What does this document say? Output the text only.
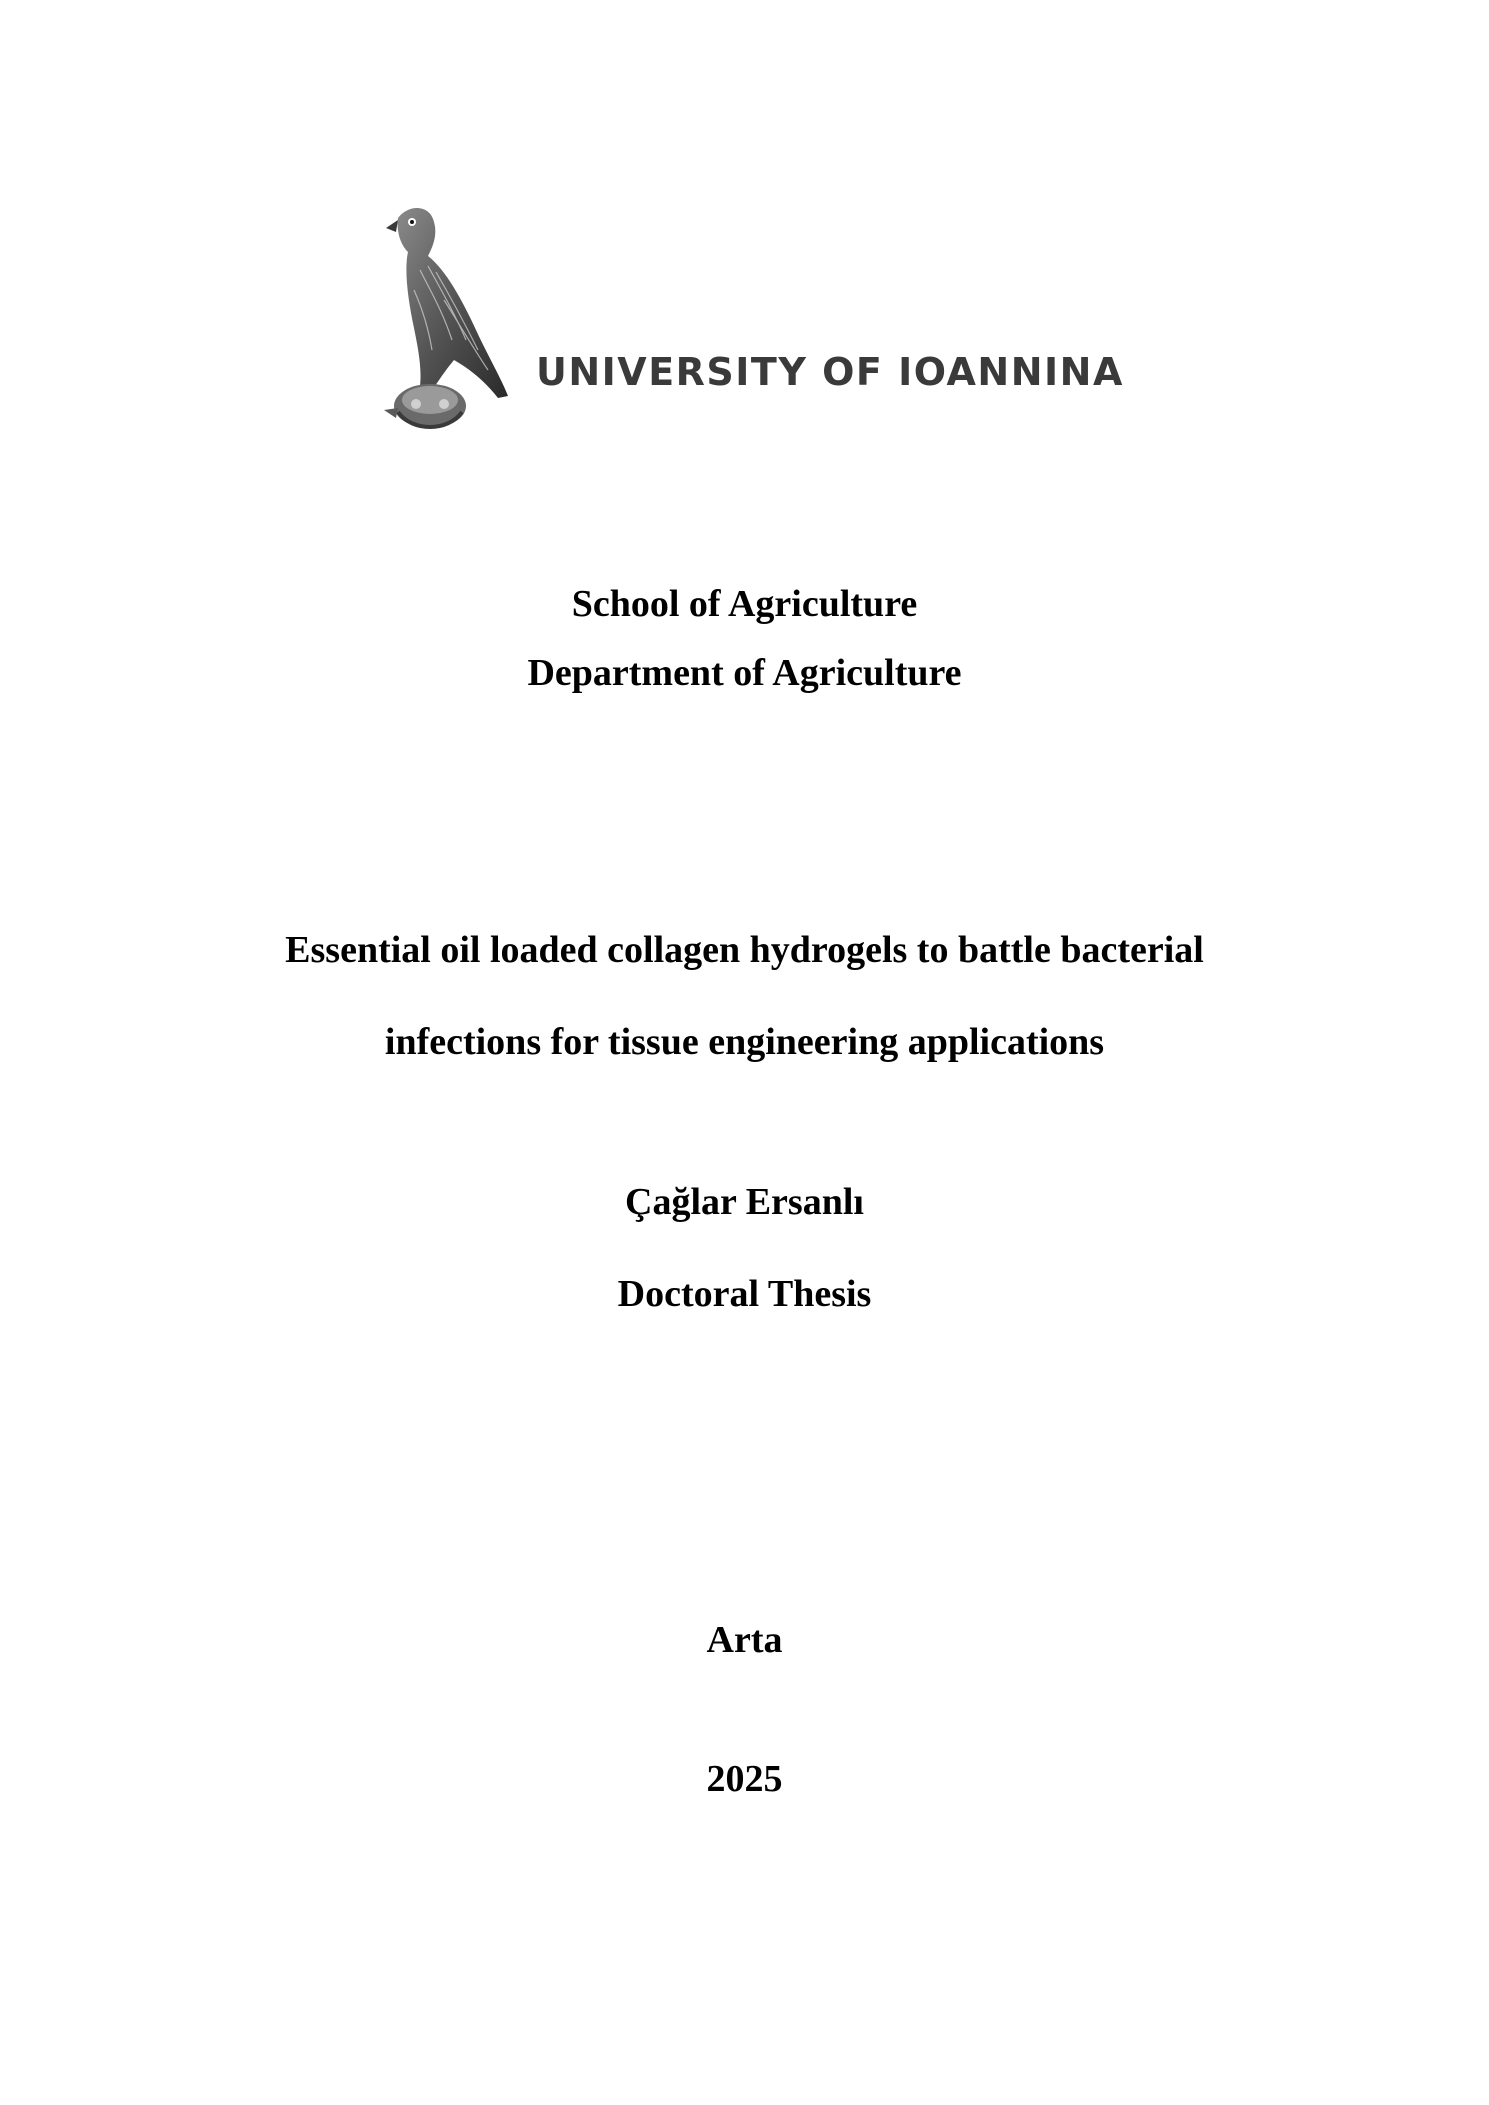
UNIVERSITY OF IOANNINA
School of Agriculture
Department of Agriculture
Essential oil loaded collagen hydrogels to battle bacterial
infections for tissue engineering applications
Çağlar Ersanlı
Doctoral Thesis
Arta
2025
